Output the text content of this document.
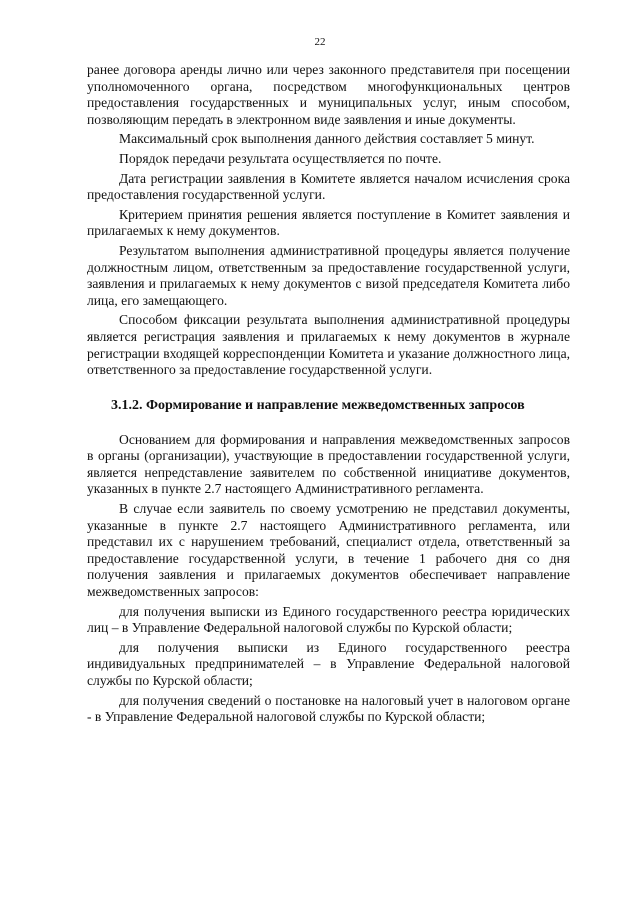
22

ранее договора аренды лично или через законного представителя при посещении уполномоченного органа, посредством многофункциональных центров предоставления государственных и муниципальных услуг, иным способом, позволяющим передать в электронном виде заявления и иные документы.

Максимальный срок выполнения данного действия составляет 5 минут.

Порядок передачи результата осуществляется по почте.

Дата регистрации заявления в Комитете является началом исчисления срока предоставления государственной услуги.

Критерием принятия решения является поступление в Комитет заявления и прилагаемых к нему документов.

Результатом выполнения административной процедуры является получение должностным лицом, ответственным за предоставление государственной услуги, заявления и прилагаемых к нему документов с визой председателя Комитета либо лица, его замещающего.

Способом фиксации результата выполнения административной процедуры является регистрация заявления и прилагаемых к нему документов в журнале регистрации входящей корреспонденции Комитета и указание должностного лица, ответственного за предоставление государственной услуги.

3.1.2. Формирование и направление межведомственных запросов

Основанием для формирования и направления межведомственных запросов в органы (организации), участвующие в предоставлении государственной услуги, является непредставление заявителем по собственной инициативе документов, указанных в пункте 2.7 настоящего Административного регламента.

В случае если заявитель по своему усмотрению не представил документы, указанные в пункте 2.7 настоящего Административного регламента, или представил их с нарушением требований, специалист отдела, ответственный за предоставление государственной услуги, в течение 1 рабочего дня со дня получения заявления и прилагаемых документов обеспечивает направление межведомственных запросов:

для получения выписки из Единого государственного реестра юридических лиц – в Управление Федеральной налоговой службы по Курской области;

для получения выписки из Единого государственного реестра индивидуальных предпринимателей – в Управление Федеральной налоговой службы по Курской области;

для получения сведений о постановке на налоговый учет в налоговом органе - в Управление Федеральной налоговой службы по Курской области;
